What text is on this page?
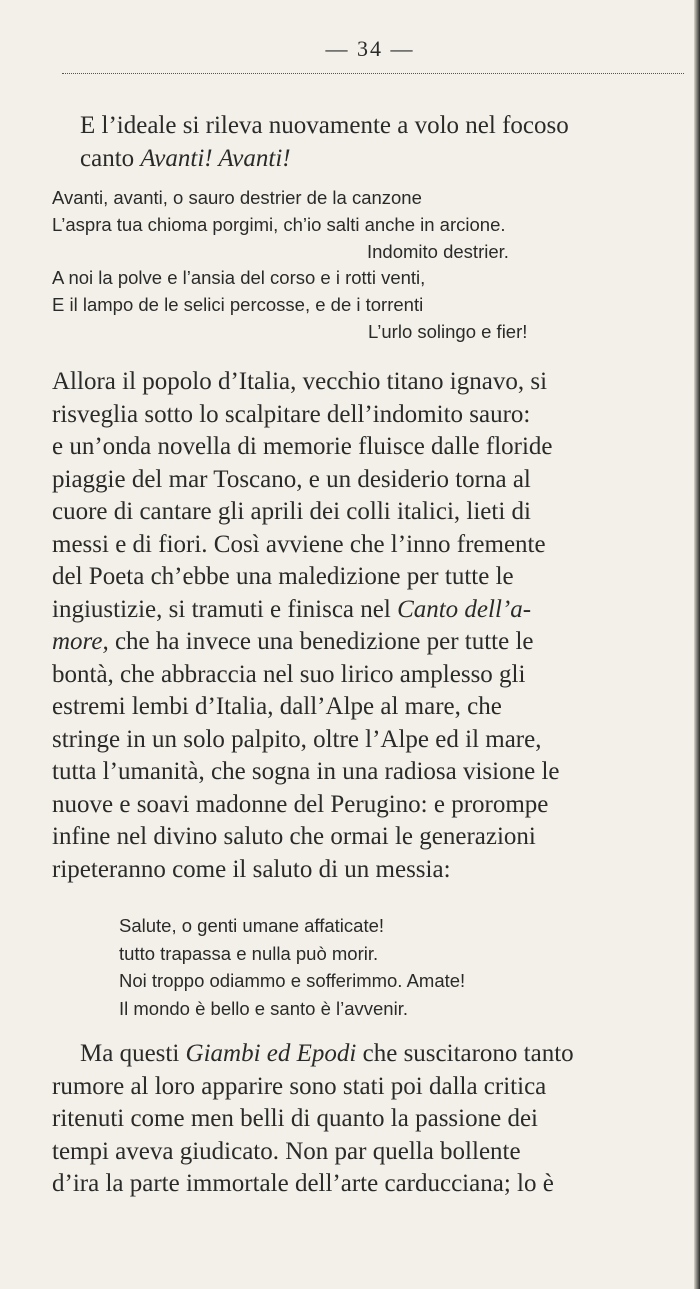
— 34 —
E l’ideale si rileva nuovamente a volo nel focoso
canto Avanti! Avanti!
Avanti, avanti, o sauro destrier de la canzone
L’aspra tua chioma porgimi, ch’io salti anche in arcione.
Indomito destrier.
A noi la polve e l’ansia del corso e i rotti venti,
E il lampo de le selici percosse, e de i torrenti
L’urlo solingo e fier!
Allora il popolo d’Italia, vecchio titano ignavo, si
risveglia sotto lo scalpitare dell’indomito sauro:
e un’onda novella di memorie fluisce dalle floride
piaggie del mar Toscano, e un desiderio torna al
cuore di cantare gli aprili dei colli italici, lieti di
messi e di fiori. Così avviene che l’inno fremente
del Poeta ch’ebbe una maledizione per tutte le
ingiustizie, si tramuti e finisca nel Canto dell’a-
more, che ha invece una benedizione per tutte le
bontà, che abbraccia nel suo lirico amplesso gli
estremi lembi d’Italia, dall’Alpe al mare, che
stringe in un solo palpito, oltre l’Alpe ed il mare,
tutta l’umanità, che sogna in una radiosa visione le
nuove e soavi madonne del Perugino: e prorompe
infine nel divino saluto che ormai le generazioni
ripeteranno come il saluto di un messia:
Salute, o genti umane affaticate!
tutto trapassa e nulla può morir.
Noi troppo odiammo e sofferimmo. Amate!
Il mondo è bello e santo è l’avvenir.
Ma questi Giambi ed Epodi che suscitarono tanto
rumore al loro apparire sono stati poi dalla critica
ritenuti come men belli di quanto la passione dei
tempi aveva giudicato. Non par quella bollente
d’ira la parte immortale dell’arte carducciana; lo è
